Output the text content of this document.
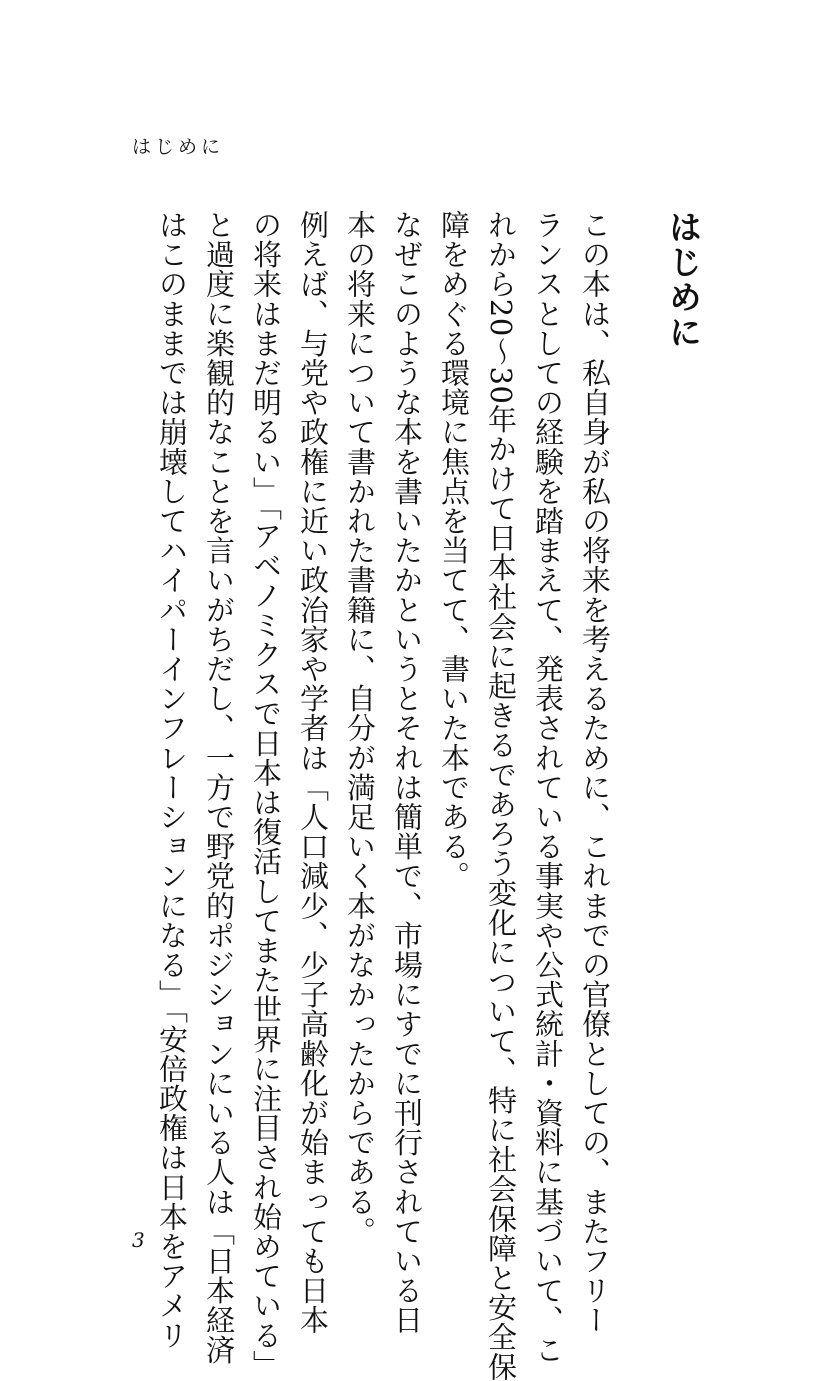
はじめに
はじめに
この本は、私自身が私の将来を考えるために、これまでの官僚としての、またフリー
ランスとしての経験を踏まえて、発表されている事実や公式統計・資料に基づいて、こ
れから20～30年かけて日本社会に起きるであろう変化について、特に社会保障と安全保
障をめぐる環境に焦点を当てて、書いた本である。
なぜこのような本を書いたかというとそれは簡単で、市場にすでに刊行されている日
本の将来について書かれた書籍に、自分が満足いく本がなかったからである。
例えば、与党や政権に近い政治家や学者は「人口減少、少子高齢化が始まっても日本
の将来はまだ明るい」「アベノミクスで日本は復活してまた世界に注目され始めている」
と過度に楽観的なことを言いがちだし、一方で野党的ポジションにいる人は「日本経済
はこのままでは崩壊してハイパーインフレーションになる」「安倍政権は日本をアメリ
3
